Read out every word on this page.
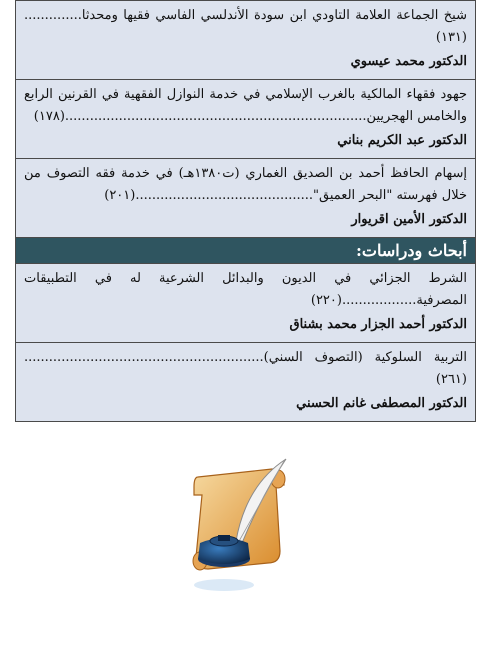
شيخ الجماعة العلامة التاودي ابن سودة الأندلسي الفاسي فقيها ومحدثا..............(١٣١)
الدكتور محمد عيسوي
جهود فقهاء المالكية بالغرب الإسلامي في خدمة النوازل الفقهية في القرنين الرابع والخامس الهجريين.........................................................................(١٧٨)
الدكتور عبد الكريم بناني
إسهام الحافظ أحمد بن الصديق الغماري (ت١٣٨٠هـ) في خدمة فقه التصوف من خلال فهرسته "البحر العميق"...........................................(٢٠١)
الدكتور الأمين اقريوار
أبحاث ودراسات:
الشرط الجزائي في الديون والبدائل الشرعية له في التطبيقات المصرفية..................(٢٢٠)
الدكتور أحمد الجزار محمد بشناق
التربية السلوكية (التصوف السني)..........................................................(٢٦١)
الدكتور المصطفى غانم الحسني
